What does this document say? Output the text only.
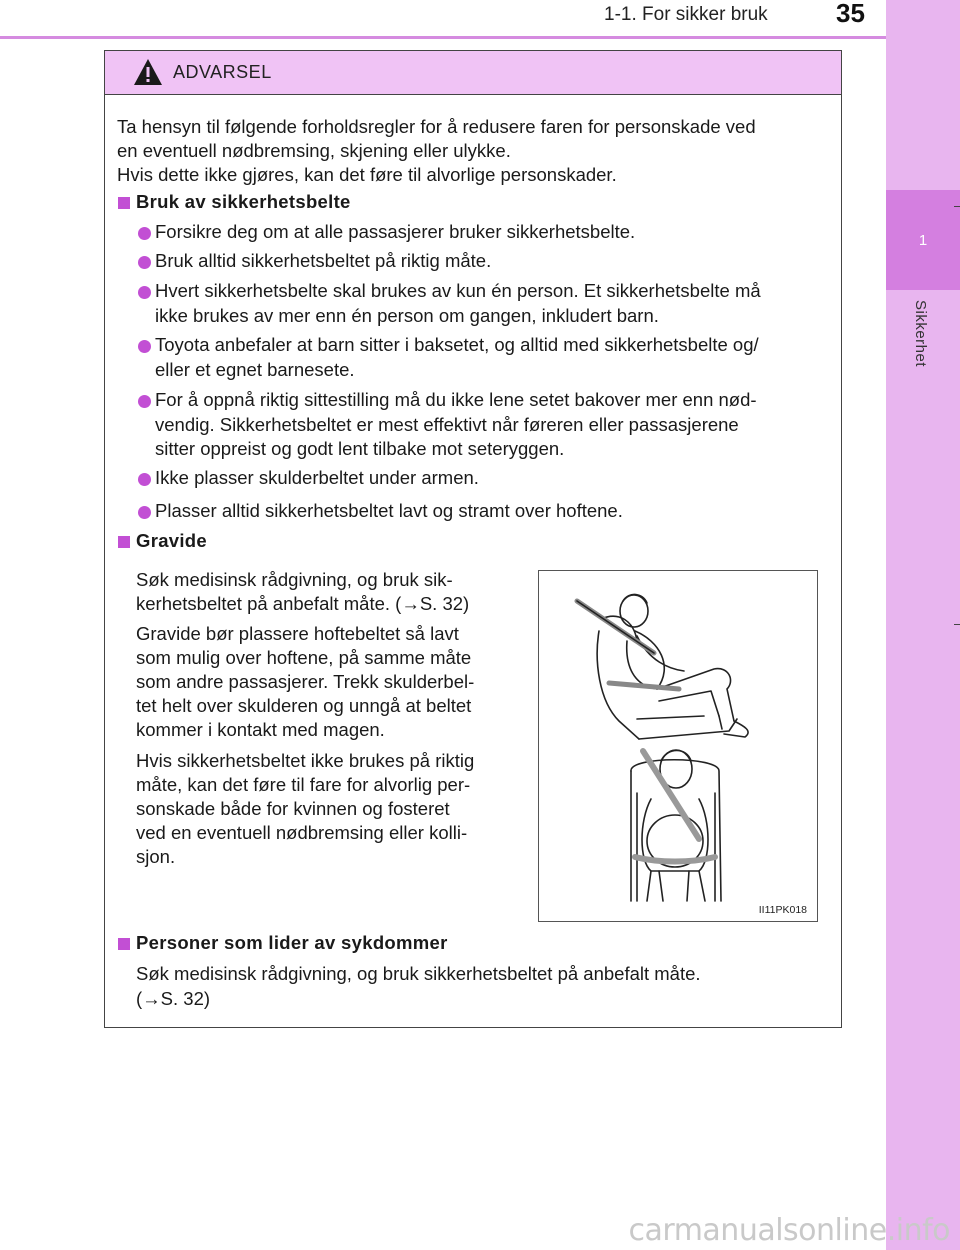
1-1. For sikker bruk	35
1
Sikkerhet
ADVARSEL
Ta hensyn til følgende forholdsregler for å redusere faren for personskade ved
en eventuell nødbremsing, skjening eller ulykke.
Hvis dette ikke gjøres, kan det føre til alvorlige personskader.
Bruk av sikkerhetsbelte
Forsikre deg om at alle passasjerer bruker sikkerhetsbelte.
Bruk alltid sikkerhetsbeltet på riktig måte.
Hvert sikkerhetsbelte skal brukes av kun én person. Et sikkerhetsbelte må
ikke brukes av mer enn én person om gangen, inkludert barn.
Toyota anbefaler at barn sitter i baksetet, og alltid med sikkerhetsbelte og/
eller et egnet barnesete.
For å oppnå riktig sittestilling må du ikke lene setet bakover mer enn nød-
vendig. Sikkerhetsbeltet er mest effektivt når føreren eller passasjerene
sitter oppreist og godt lent tilbake mot seteryggen.
Ikke plasser skulderbeltet under armen.
Plasser alltid sikkerhetsbeltet lavt og stramt over hoftene.
Gravide
Søk medisinsk rådgivning, og bruk sik-
kerhetsbeltet på anbefalt måte. (→S. 32)
Gravide bør plassere hoftebeltet så lavt
som mulig over hoftene, på samme måte
som andre passasjerer. Trekk skulderbel-
tet helt over skulderen og unngå at beltet
kommer i kontakt med magen.
Hvis sikkerhetsbeltet ikke brukes på riktig
måte, kan det føre til fare for alvorlig per-
sonskade både for kvinnen og fosteret
ved en eventuell nødbremsing eller kolli-
sjon.
II11PK018
Personer som lider av sykdommer
Søk medisinsk rådgivning, og bruk sikkerhetsbeltet på anbefalt måte.
(→S. 32)
carmanualsonline.info
